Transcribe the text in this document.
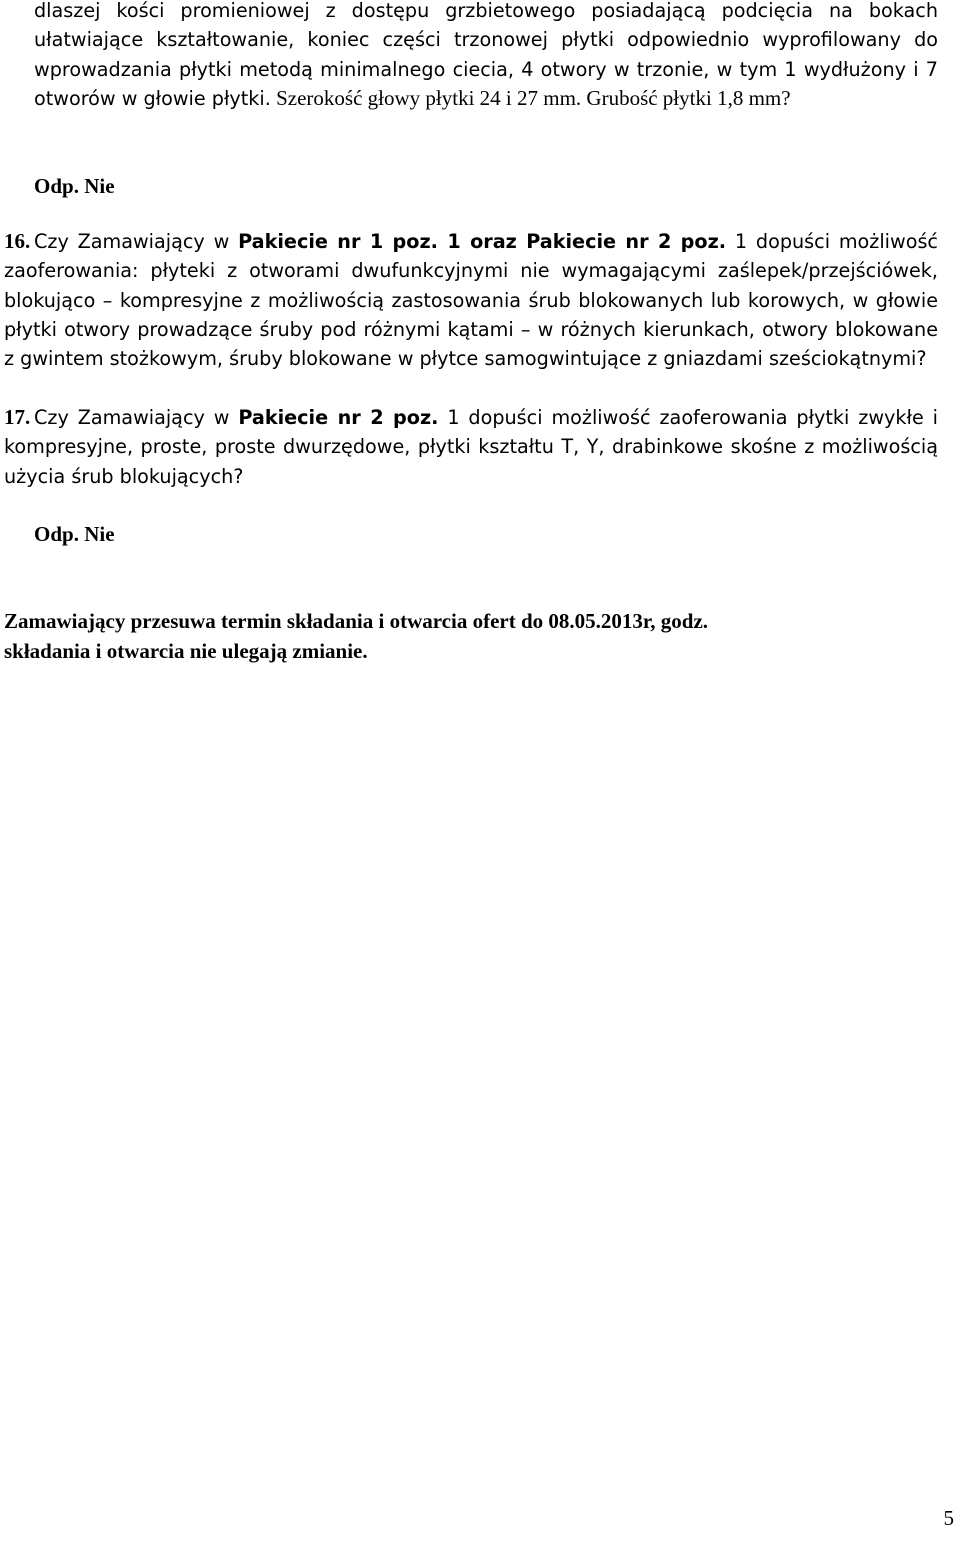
dlaszej kości promieniowej z dostępu grzbietowego posiadającą podcięcia na bokach ułatwiające kształtowanie, koniec części trzonowej płytki odpowiednio wyprofilowany do wprowadzania płytki metodą minimalnego ciecia, 4 otwory w trzonie, w tym 1 wydłużony i 7 otworów w głowie płytki. Szerokość głowy płytki 24 i 27 mm. Grubość płytki 1,8 mm?

Odp. Nie

16. Czy Zamawiający w Pakiecie nr 1 poz. 1 oraz Pakiecie nr 2 poz. 1 dopuści możliwość zaoferowania: płyteki z otworami dwufunkcyjnymi nie wymagającymi zaślepek/przejściówek, blokująco – kompresyjne z możliwością zastosowania śrub blokowanych lub korowych, w głowie płytki otwory prowadzące śruby pod różnymi kątami – w różnych kierunkach, otwory blokowane z gwintem stożkowym, śruby blokowane w płytce samogwintujące z gniazdami sześciokątnymi?

17. Czy Zamawiający w Pakiecie nr 2 poz. 1 dopuści możliwość zaoferowania płytki zwykłe i kompresyjne, proste, proste dwurzędowe, płytki kształtu T, Y, drabinkowe skośne z możliwością użycia śrub blokujących?

Odp. Nie

Zamawiający przesuwa termin składania i otwarcia ofert do 08.05.2013r, godz.
składania i otwarcia nie ulegają zmianie.
5
